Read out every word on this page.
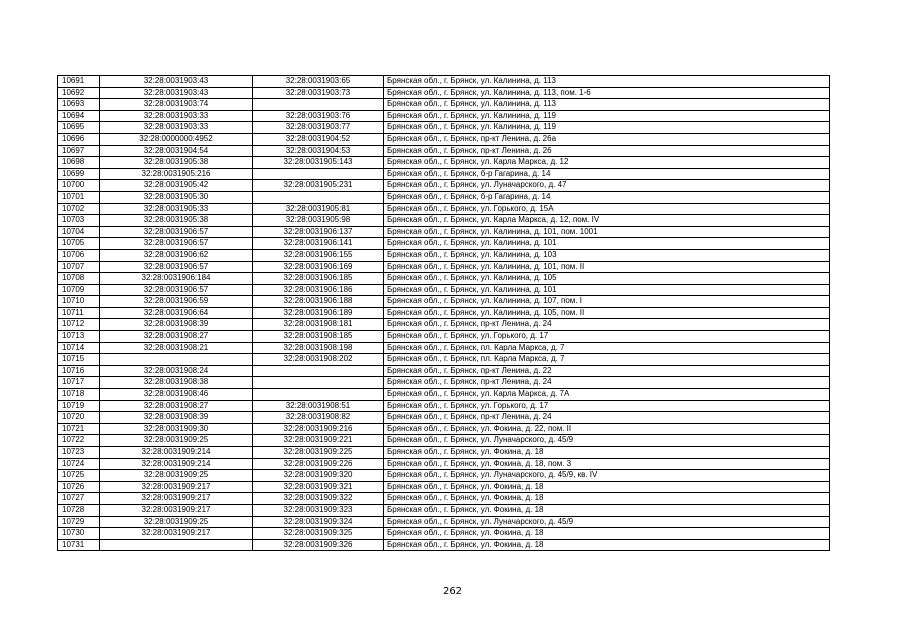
10691	32:28:0031903:43	32:28:0031903:65	Брянская обл., г. Брянск, ул. Калинина, д. 113
10692	32:28:0031903:43	32:28:0031903:73	Брянская обл., г. Брянск, ул. Калинина, д. 113, пом. 1-6
10693	32:28:0031903:74		Брянская обл., г. Брянск, ул. Калинина, д. 113
10694	32:28:0031903:33	32:28:0031903:76	Брянская обл., г. Брянск, ул. Калинина, д. 119
10695	32:28:0031903:33	32:28:0031903:77	Брянская обл., г. Брянск, ул. Калинина, д. 119
10696	32:28:0000000:4952	32:28:0031904:52	Брянская обл., г. Брянск, пр-кт Ленина, д. 26а
10697	32:28:0031904:54	32:28:0031904:53	Брянская обл., г. Брянск, пр-кт Ленина, д. 26
10698	32:28:0031905:38	32:28:0031905:143	Брянская обл., г. Брянск, ул. Карла Маркса, д. 12
10699	32:28:0031905:216		Брянская обл., г. Брянск, б-р Гагарина, д. 14
10700	32:28:0031905:42	32:28:0031905:231	Брянская обл., г. Брянск, ул. Луначарского, д. 47
10701	32:28:0031905:30		Брянская обл., г. Брянск, б-р Гагарина, д. 14
10702	32:28:0031905:33	32:28:0031905:81	Брянская обл., г. Брянск, ул. Горького, д. 15А
10703	32:28:0031905:38	32:28:0031905:98	Брянская обл., г. Брянск, ул. Карла Маркса, д. 12, пом. IV
10704	32:28:0031906:57	32:28:0031906:137	Брянская обл., г. Брянск, ул. Калинина, д. 101, пом. 1001
10705	32:28:0031906:57	32:28:0031906:141	Брянская обл., г. Брянск, ул. Калинина, д. 101
10706	32:28:0031906:62	32:28:0031906:155	Брянская обл., г. Брянск, ул. Калинина, д. 103
10707	32:28:0031906:57	32:28:0031906:169	Брянская обл., г. Брянск, ул. Калинина, д. 101, пом. II
10708	32:28:0031906:184	32:28:0031906:185	Брянская обл., г. Брянск, ул. Калинина, д. 105
10709	32:28:0031906:57	32:28:0031906:186	Брянская обл., г. Брянск, ул. Калинина, д. 101
10710	32:28:0031906:59	32:28:0031906:188	Брянская обл., г. Брянск, ул. Калинина, д. 107, пом. I
10711	32:28:0031906:64	32:28:0031906:189	Брянская обл., г. Брянск, ул. Калинина, д. 105, пом. II
10712	32:28:0031908:39	32:28:0031908:181	Брянская обл., г. Брянск, пр-кт Ленина, д. 24
10713	32:28:0031908:27	32:28:0031908:185	Брянская обл., г. Брянск, ул. Горького, д. 17
10714	32:28:0031908:21	32:28:0031908:198	Брянская обл., г. Брянск, пл. Карла Маркса, д. 7
10715		32:28:0031908:202	Брянская обл., г. Брянск, пл. Карла Маркса, д. 7
10716	32:28:0031908:24		Брянская обл., г. Брянск, пр-кт Ленина, д. 22
10717	32:28:0031908:38		Брянская обл., г. Брянск, пр-кт Ленина, д. 24
10718	32:28:0031908:46		Брянская обл., г. Брянск, ул. Карла Маркса, д. 7А
10719	32:28:0031908:27	32:28:0031908:51	Брянская обл., г. Брянск, ул. Горького, д. 17
10720	32:28:0031908:39	32:28:0031908:82	Брянская обл., г. Брянск, пр-кт Ленина, д. 24
10721	32:28:0031909:30	32:28:0031909:216	Брянская обл., г. Брянск, ул. Фокина, д. 22, пом. II
10722	32:28:0031909:25	32:28:0031909:221	Брянская обл., г. Брянск, ул. Луначарского, д. 45/9
10723	32:28:0031909:214	32:28:0031909:225	Брянская обл., г. Брянск, ул. Фокина, д. 18
10724	32:28:0031909:214	32:28:0031909:226	Брянская обл., г. Брянск, ул. Фокина, д. 18, пом. 3
10725	32:28:0031909:25	32:28:0031909:320	Брянская обл., г. Брянск, ул. Луначарского, д. 45/9, кв. IV
10726	32:28:0031909:217	32:28:0031909:321	Брянская обл., г. Брянск, ул. Фокина, д. 18
10727	32:28:0031909:217	32:28:0031909:322	Брянская обл., г. Брянск, ул. Фокина, д. 18
10728	32:28:0031909:217	32:28:0031909:323	Брянская обл., г. Брянск, ул. Фокина, д. 18
10729	32:28:0031909:25	32:28:0031909:324	Брянская обл., г. Брянск, ул. Луначарского, д. 45/9
10730	32:28:0031909:217	32:28:0031909:325	Брянская обл., г. Брянск, ул. Фокина, д. 18
10731		32:28:0031909:326	Брянская обл., г. Брянск, ул. Фокина, д. 18
262
